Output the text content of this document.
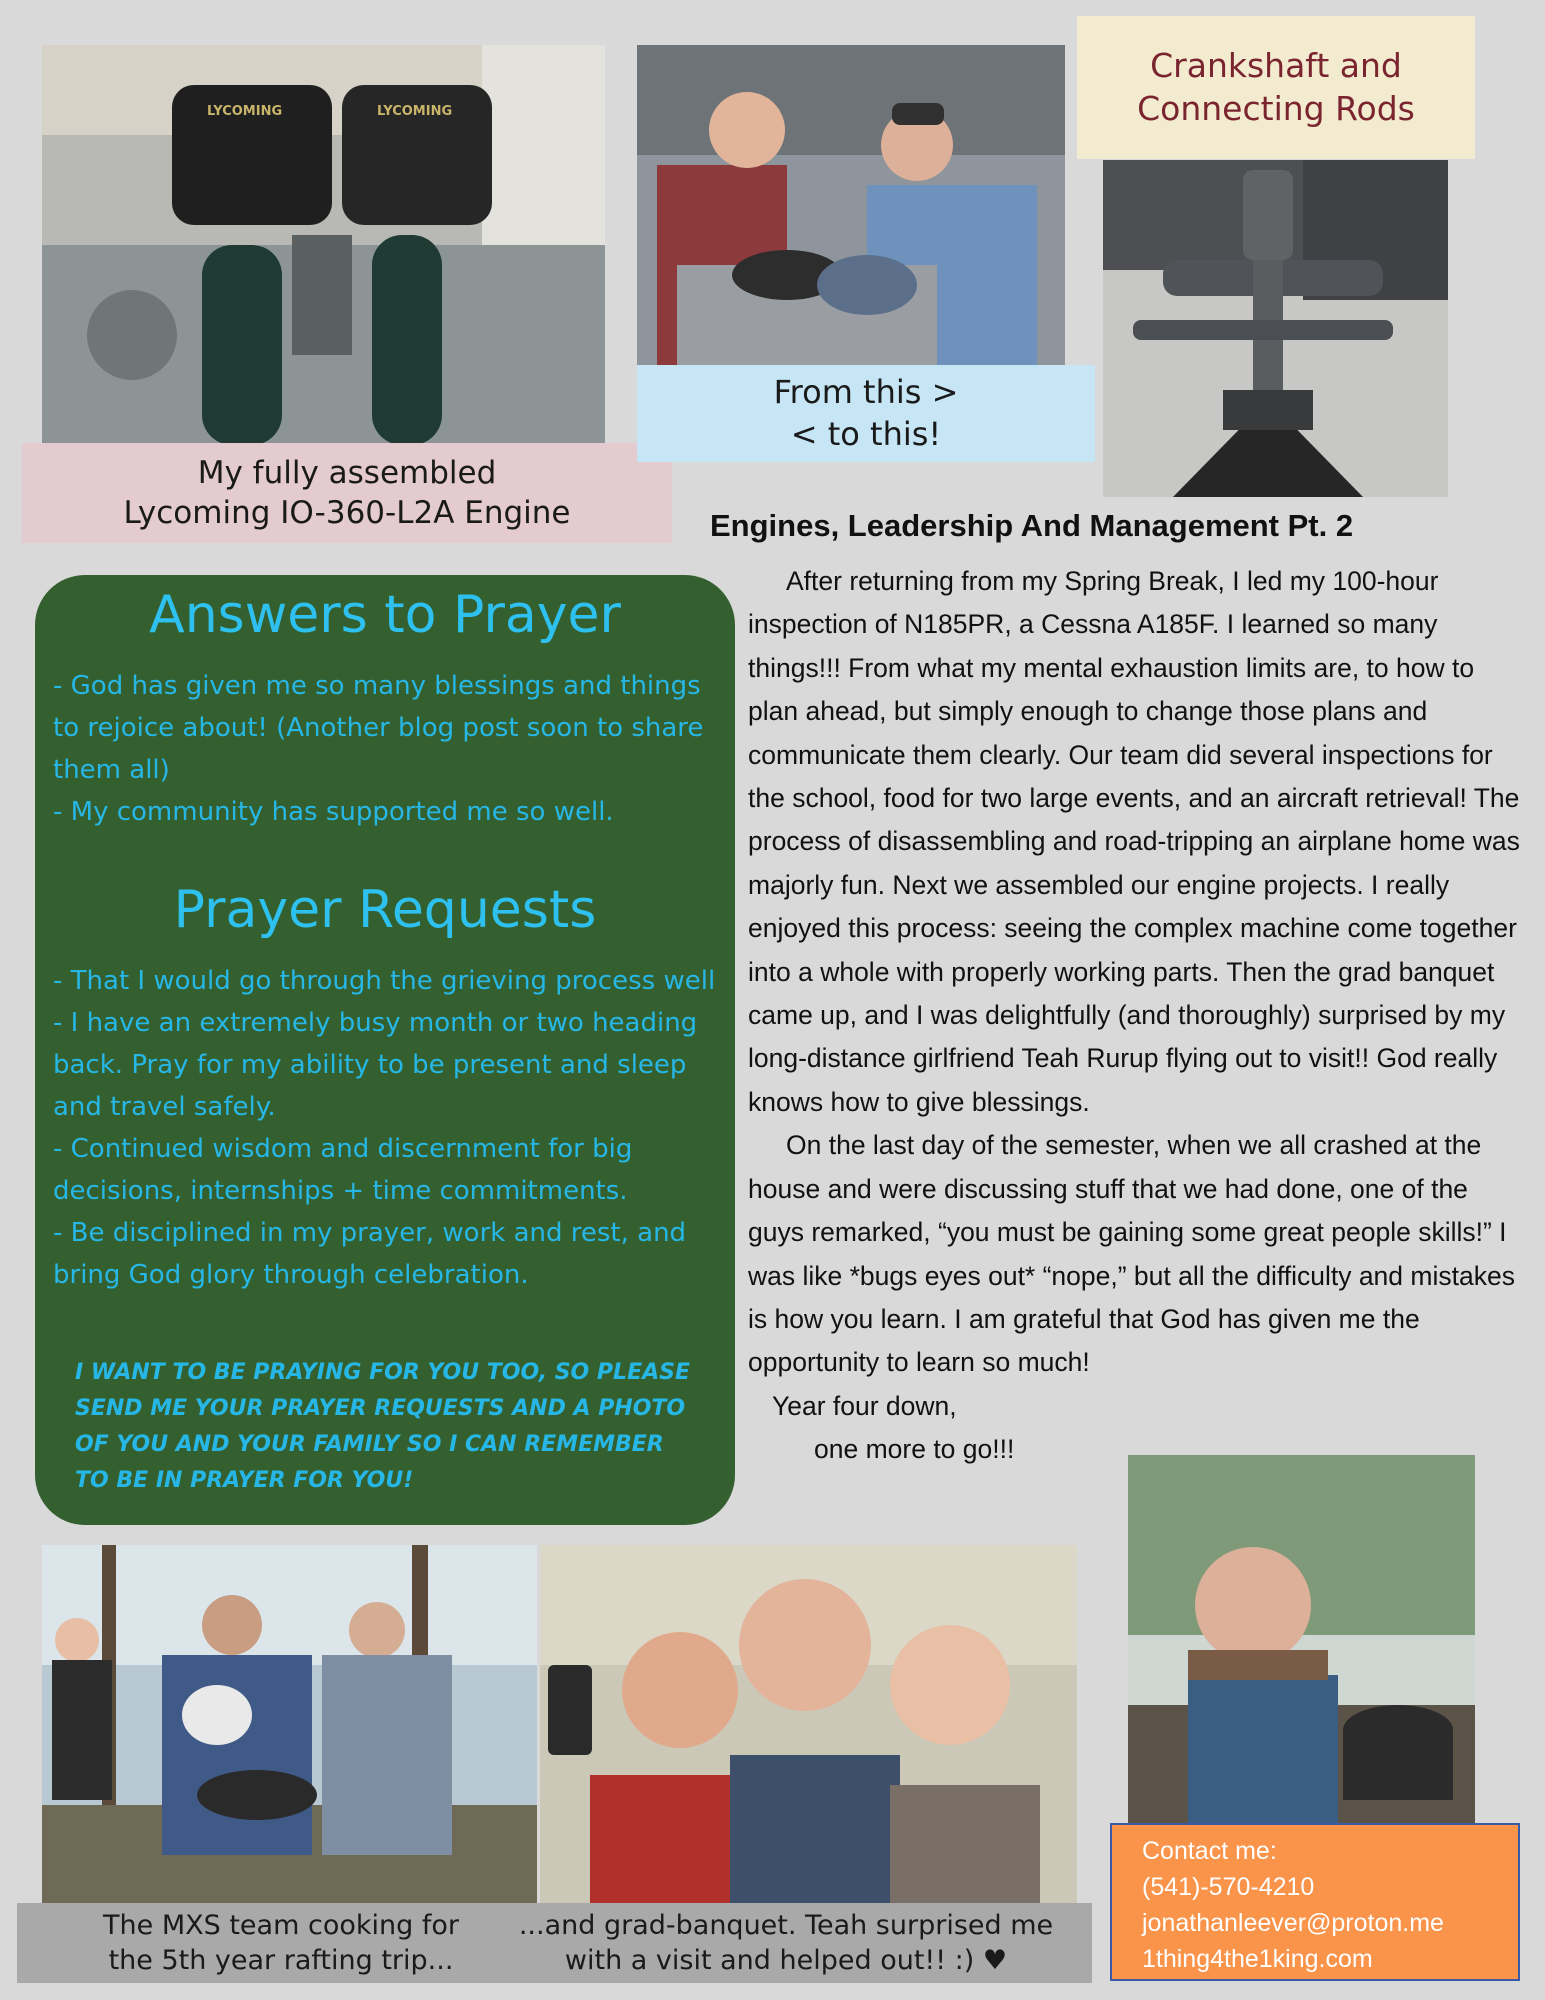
LYCOMING	LYCOMING
My fully assembled
Lycoming IO-360-L2A Engine
From this >
< to this!
Crankshaft and
Connecting Rods
The MXS team cooking for
the 5th year rafting trip...
...and grad-banquet. Teah surprised me
with a visit and helped out!! :) ♥
Engines, Leadership And Management Pt. 2

After returning from my Spring Break, I led my 100-hour inspection of N185PR, a Cessna A185F. I learned so many things!!! From what my mental exhaustion limits are, to how to plan ahead, but simply enough to change those plans and communicate them clearly. Our team did several inspections for the school, food for two large events, and an aircraft retrieval! The process of disassembling and road-tripping an airplane home was majorly fun. Next we assembled our engine projects. I really enjoyed this process: seeing the complex machine come together into a whole with properly working parts. Then the grad banquet came up, and I was delightfully (and thoroughly) surprised by my long-distance girlfriend Teah Rurup flying out to visit!! God really knows how to give blessings.

On the last day of the semester, when we all crashed at the house and were discussing stuff that we had done, one of the guys remarked, “you must be gaining some great people skills!” I was like *bugs eyes out* “nope,” but all the difficulty and mistakes is how you learn. I am grateful that God has given me the opportunity to learn so much!

Year four down,
one more to go!!!
Answers to Prayer
- God has given me so many blessings and things to rejoice about! (Another blog post soon to share them all)
- My community has supported me so well.
Prayer Requests
- That I would go through the grieving process well
- I have an extremely busy month or two heading back. Pray for my ability to be present and sleep and travel safely.
- Continued wisdom and discernment for big decisions, internships + time commitments.
- Be disciplined in my prayer, work and rest, and bring God glory through celebration.
I WANT TO BE PRAYING FOR YOU TOO, SO PLEASE SEND ME YOUR PRAYER REQUESTS AND A PHOTO OF YOU AND YOUR FAMILY SO I CAN REMEMBER TO BE IN PRAYER FOR YOU!
Contact me:
(541)-570-4210
jonathanleever@proton.me
1thing4the1king.com
